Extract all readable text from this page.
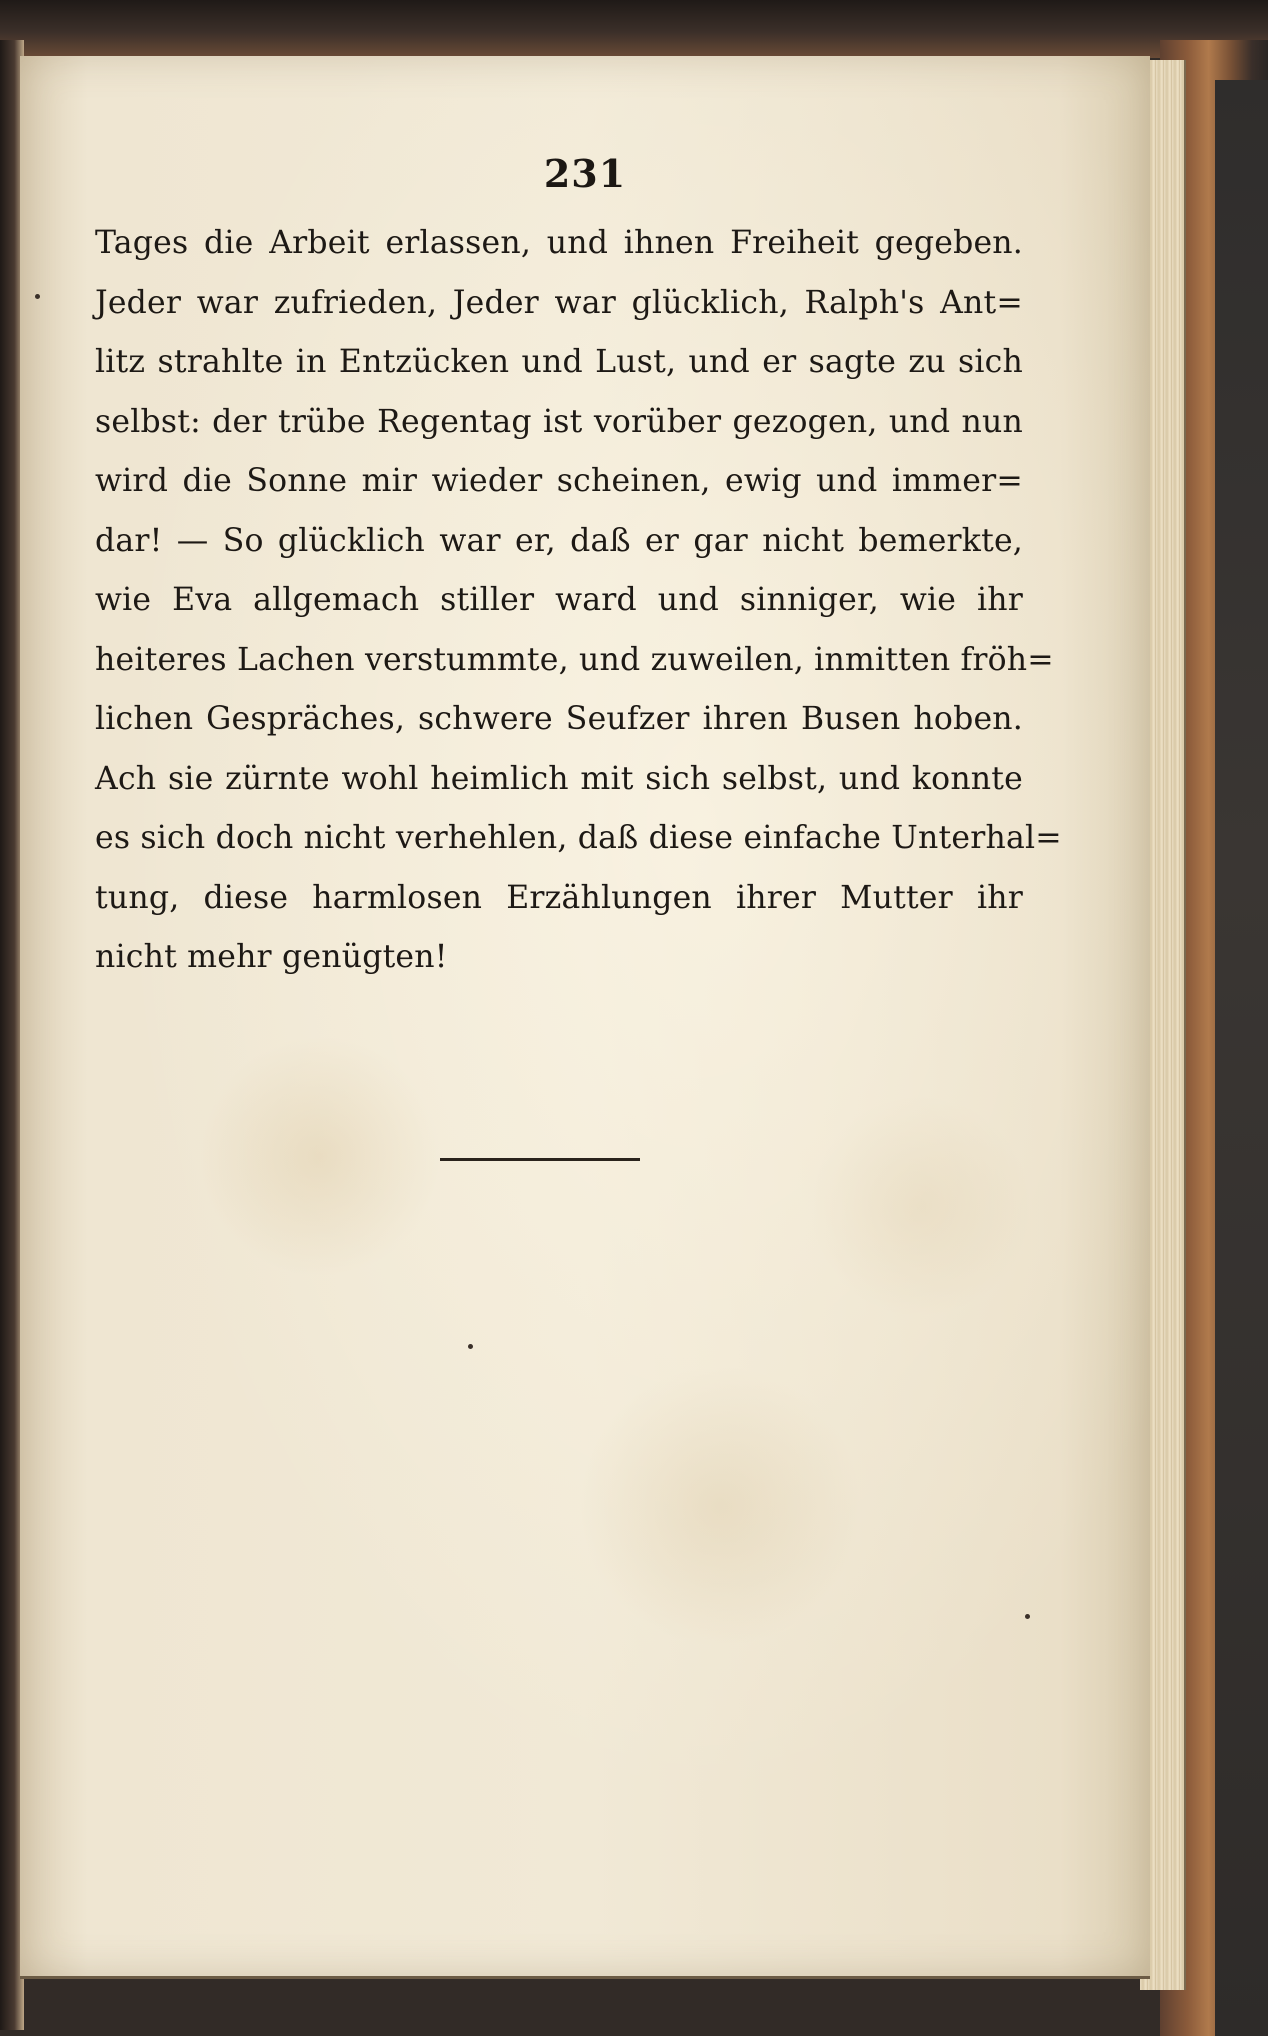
231
Tages die Arbeit erlassen, und ihnen Freiheit gegeben.
Jeder war zufrieden, Jeder war glücklich, Ralph's Ant=
litz strahlte in Entzücken und Lust, und er sagte zu sich
selbst: der trübe Regentag ist vorüber gezogen, und nun
wird die Sonne mir wieder scheinen, ewig und immer=
dar! — So glücklich war er, daß er gar nicht bemerkte,
wie Eva allgemach stiller ward und sinniger, wie ihr
heiteres Lachen verstummte, und zuweilen, inmitten fröh=
lichen Gespräches, schwere Seufzer ihren Busen hoben.
Ach sie zürnte wohl heimlich mit sich selbst, und konnte
es sich doch nicht verhehlen, daß diese einfache Unterhal=
tung, diese harmlosen Erzählungen ihrer Mutter ihr
nicht mehr genügten!
